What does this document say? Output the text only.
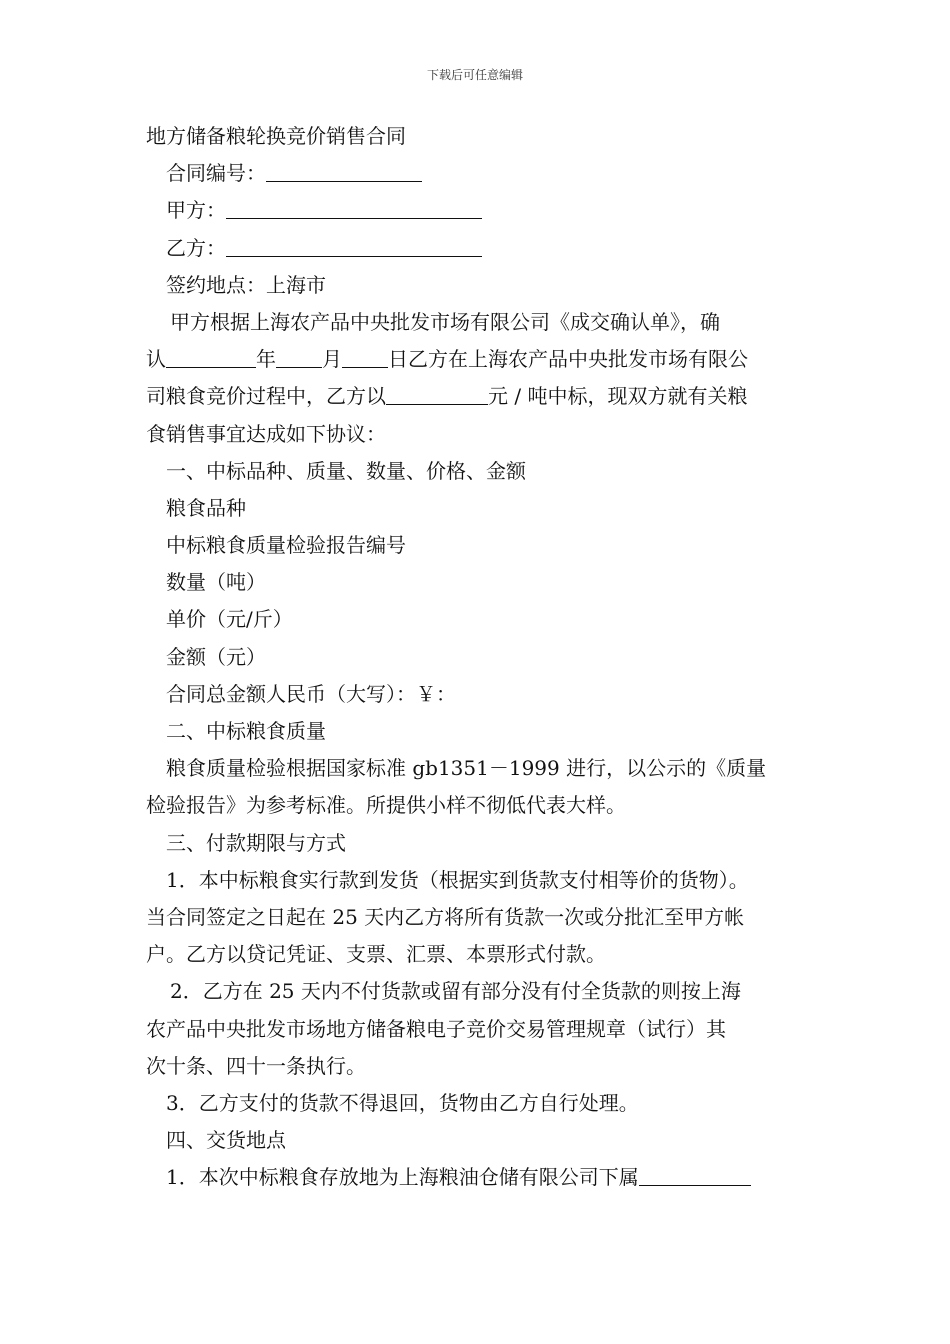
下载后可任意编辑
地方储备粮轮换竞价销售合同
合同编号：
甲方：
乙方：
签约地点：上海市
甲方根据上海农产品中央批发市场有限公司《成交确认单》，确
认	年 月 日乙方在上海农产品中央批发市场有限公
司粮食竞价过程中，乙方以	元 / 吨中标，现双方就有关粮
食销售事宜达成如下协议：
一、中标品种、质量、数量、价格、金额
粮食品种
中标粮食质量检验报告编号
数量（吨）
单价（元/斤）
金额（元）
合同总金额人民币（大写）：￥：
二、中标粮食质量
粮食质量检验根据国家标准 gb1351－1999 进行，以公示的《质量
检验报告》为参考标准。所提供小样不彻低代表大样。
三、付款期限与方式
1．本中标粮食实行款到发货（根据实到货款支付相等价的货物）。
当合同签定之日起在 25 天内乙方将所有货款一次或分批汇至甲方帐
户。乙方以贷记凭证、支票、汇票、本票形式付款。
2．乙方在 25 天内不付货款或留有部分没有付全货款的则按上海
农产品中央批发市场地方储备粮电子竞价交易管理规章（试行）其
次十条、四十一条执行。
3．乙方支付的货款不得退回，货物由乙方自行处理。
四、交货地点
1．本次中标粮食存放地为上海粮油仓储有限公司下属
